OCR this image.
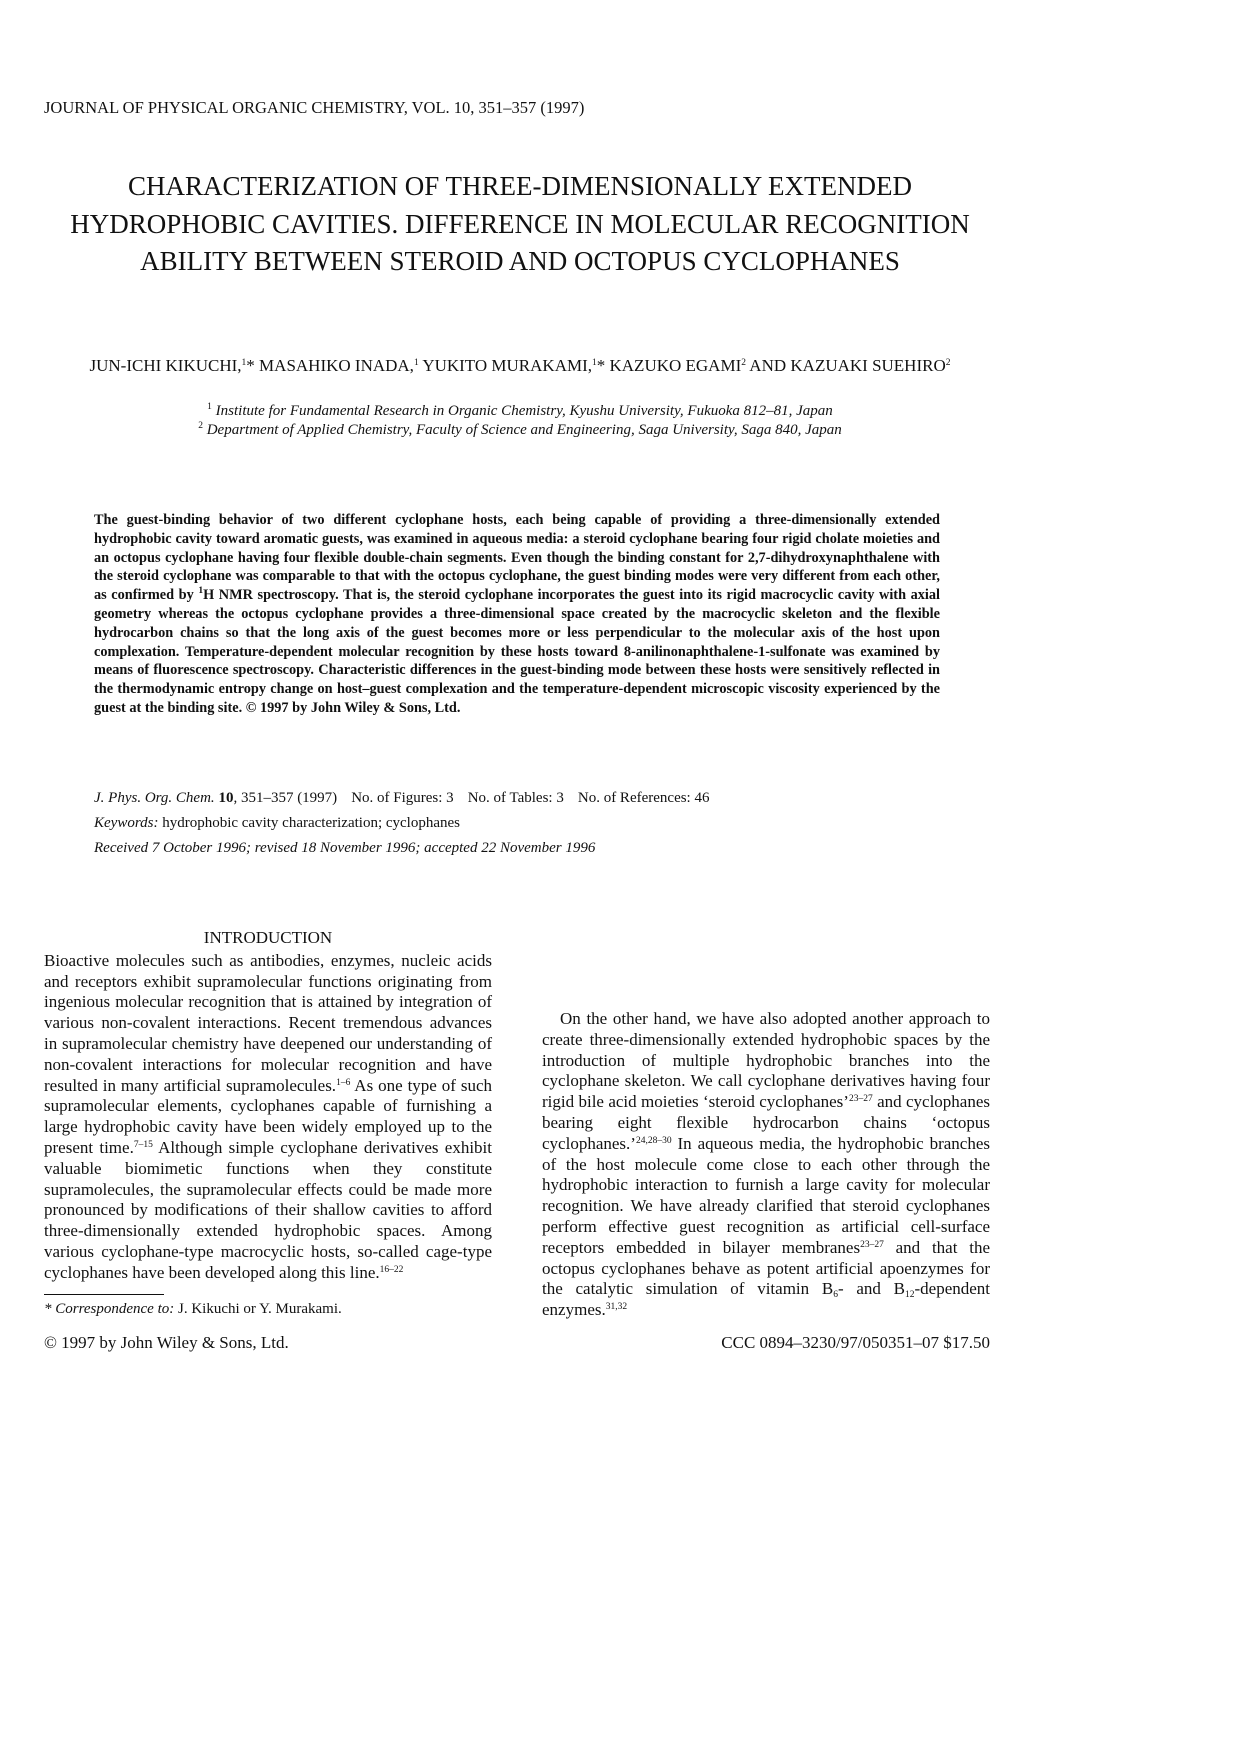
JOURNAL OF PHYSICAL ORGANIC CHEMISTRY, VOL. 10, 351–357 (1997)
CHARACTERIZATION OF THREE-DIMENSIONALLY EXTENDED HYDROPHOBIC CAVITIES. DIFFERENCE IN MOLECULAR RECOGNITION ABILITY BETWEEN STEROID AND OCTOPUS CYCLOPHANES
JUN-ICHI KIKUCHI,$^1$* MASAHIKO INADA,$^1$ YUKITO MURAKAMI,$^1$* KAZUKO EGAMI$^2$ AND KAZUAKI SUEHIRO$^2$
$^1$ Institute for Fundamental Research in Organic Chemistry, Kyushu University, Fukuoka 812–81, Japan
$^2$ Department of Applied Chemistry, Faculty of Science and Engineering, Saga University, Saga 840, Japan
The guest-binding behavior of two different cyclophane hosts, each being capable of providing a three-dimensionally extended hydrophobic cavity toward aromatic guests, was examined in aqueous media: a steroid cyclophane bearing four rigid cholate moieties and an octopus cyclophane having four flexible double-chain segments. Even though the binding constant for 2,7-dihydroxynaphthalene with the steroid cyclophane was comparable to that with the octopus cyclophane, the guest binding modes were very different from each other, as confirmed by $^1$H NMR spectroscopy. That is, the steroid cyclophane incorporates the guest into its rigid macrocyclic cavity with axial geometry whereas the octopus cyclophane provides a three-dimensional space created by the macrocyclic skeleton and the flexible hydrocarbon chains so that the long axis of the guest becomes more or less perpendicular to the molecular axis of the host upon complexation. Temperature-dependent molecular recognition by these hosts toward 8-anilinonaphthalene-1-sulfonate was examined by means of fluorescence spectroscopy. Characteristic differences in the guest-binding mode between these hosts were sensitively reflected in the thermodynamic entropy change on host–guest complexation and the temperature-dependent microscopic viscosity experienced by the guest at the binding site. © 1997 by John Wiley & Sons, Ltd.
J. Phys. Org. Chem. 10, 351–357 (1997) No. of Figures: 3 No. of Tables: 3 No. of References: 46
Keywords: hydrophobic cavity characterization; cyclophanes
Received 7 October 1996; revised 18 November 1996; accepted 22 November 1996
INTRODUCTION

Bioactive molecules such as antibodies, enzymes, nucleic acids and receptors exhibit supramolecular functions originating from ingenious molecular recognition that is attained by integration of various non-covalent interactions. Recent tremendous advances in supramolecular chemistry have deepened our understanding of non-covalent interactions for molecular recognition and have resulted in many artificial supramolecules.$^{1-6}$ As one type of such supramolecular elements, cyclophanes capable of furnishing a large hydrophobic cavity have been widely employed up to the present time.$^{7-15}$ Although simple cyclophane derivatives exhibit valuable biomimetic functions when they constitute supramolecules, the supramolecular effects could be made more pronounced by modifications of their shallow cavities to afford three-dimensionally extended hydrophobic spaces. Among various cyclophane-type macrocyclic hosts, so-called cage-type cyclophanes have been developed along this line.$^{16-22}$

On the other hand, we have also adopted another approach to create three-dimensionally extended hydrophobic spaces by the introduction of multiple hydrophobic branches into the cyclophane skeleton. We call cyclophane derivatives having four rigid bile acid moieties ‘steroid cyclophanes’$^{23-27}$ and cyclophanes bearing eight flexible hydrocarbon chains ‘octopus cyclophanes.’$^{24,28-30}$ In aqueous media, the hydrophobic branches of the host molecule come close to each other through the hydrophobic interaction to furnish a large cavity for molecular recognition. We have already clarified that steroid cyclophanes perform effective guest recognition as artificial cell-surface receptors embedded in bilayer membranes$^{23-27}$ and that the octopus cyclophanes behave as potent artificial apoenzymes for the catalytic simulation of vitamin $B_6-$ and $B_{12}$-dependent enzymes.$^{31,32}$

* Correspondence to: J. Kikuchi or Y. Murakami.
© 1997 by John Wiley & Sons, Ltd.	CCC 0894–3230/97/050351–07 $17.50
